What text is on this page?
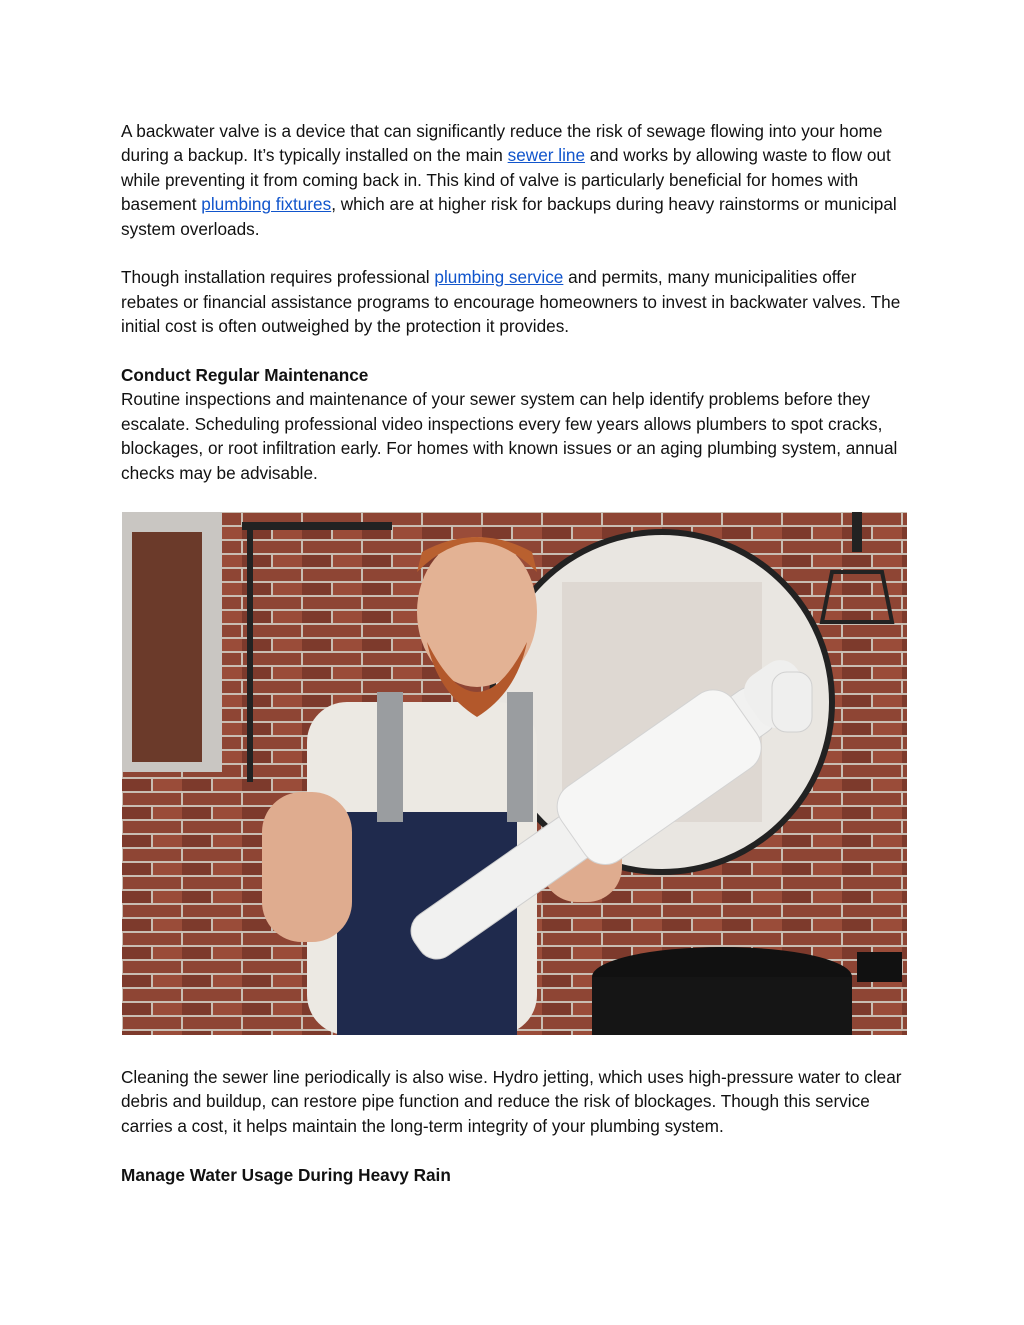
A backwater valve is a device that can significantly reduce the risk of sewage flowing into your home during a backup. It’s typically installed on the main sewer line and works by allowing waste to flow out while preventing it from coming back in. This kind of valve is particularly beneficial for homes with basement plumbing fixtures, which are at higher risk for backups during heavy rainstorms or municipal system overloads.

Though installation requires professional plumbing service and permits, many municipalities offer rebates or financial assistance programs to encourage homeowners to invest in backwater valves. The initial cost is often outweighed by the protection it provides.

Conduct Regular Maintenance

Routine inspections and maintenance of your sewer system can help identify problems before they escalate. Scheduling professional video inspections every few years allows plumbers to spot cracks, blockages, or root infiltration early. For homes with known issues or an aging plumbing system, annual checks may be advisable.

Cleaning the sewer line periodically is also wise. Hydro jetting, which uses high-pressure water to clear debris and buildup, can restore pipe function and reduce the risk of blockages. Though this service carries a cost, it helps maintain the long-term integrity of your plumbing system.

Manage Water Usage During Heavy Rain
